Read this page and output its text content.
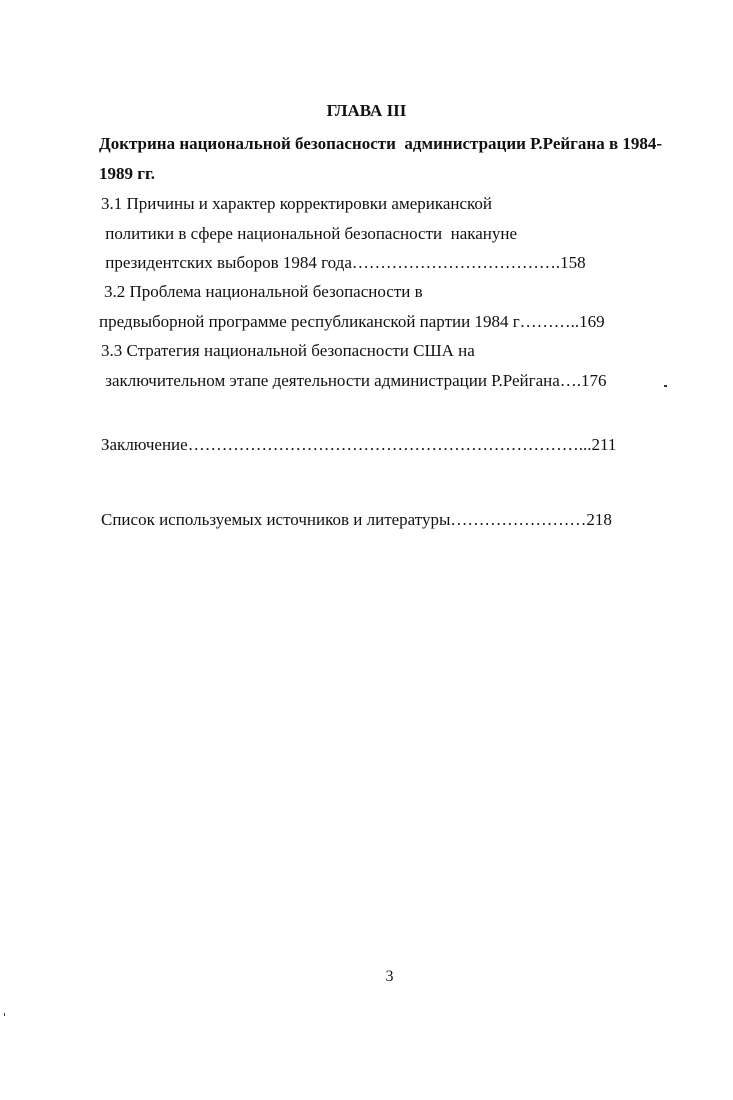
ГЛАВА III
Доктрина национальной безопасности  администрации Р.Рейгана в 1984-
1989 гг.
3.1 Причины и характер корректировки американской
политики в сфере национальной безопасности  накануне
президентских выборов 1984 года……………………………….158
3.2 Проблема национальной безопасности в
предвыборной программе республиканской партии 1984 г………..169
3.3 Стратегия национальной безопасности США на
заключительном этапе деятельности администрации Р.Рейгана….176
Заключение……………………………………………………………...211
Список используемых источников и литературы……………………218
3
